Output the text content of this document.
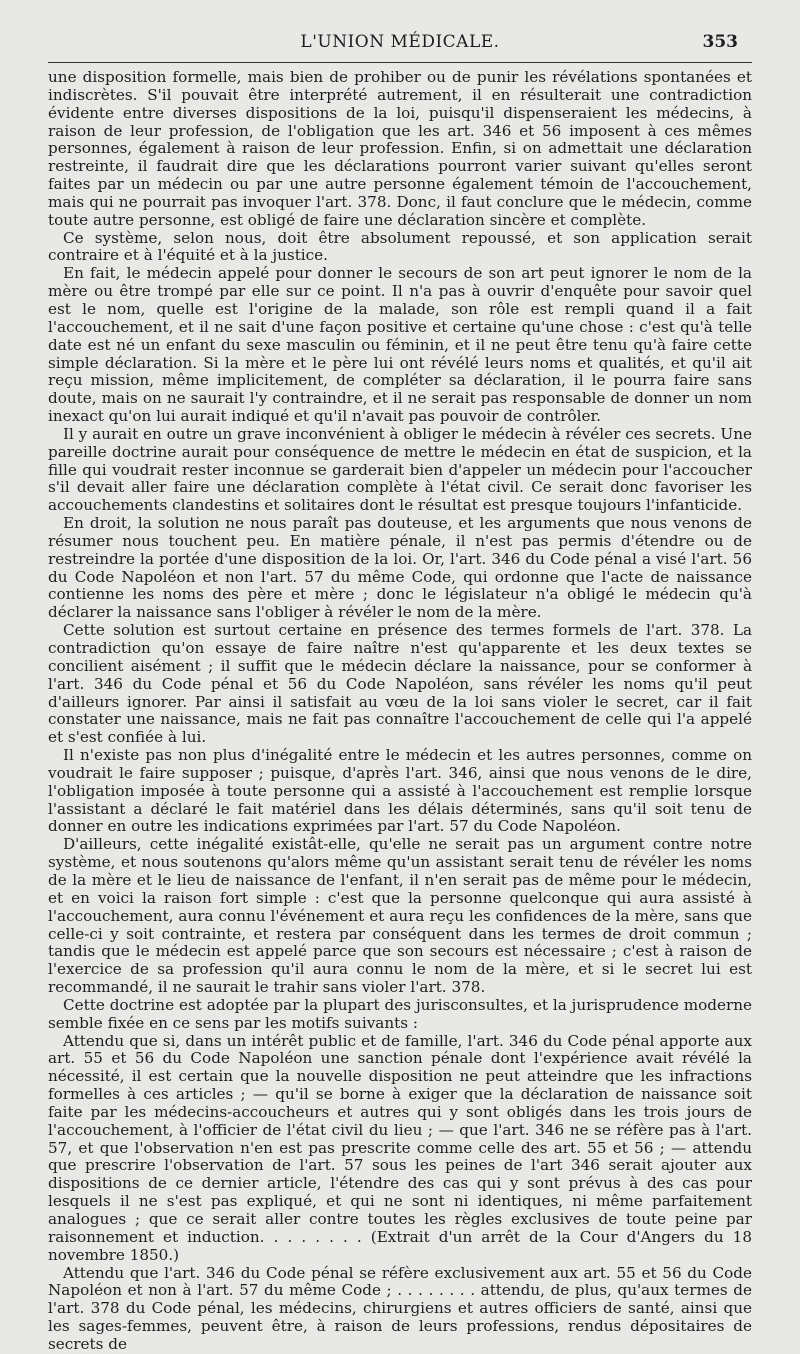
L'UNION MÉDICALE.	353

une disposition formelle, mais bien de prohiber ou de punir les révélations spontanées et indiscrètes. S'il pouvait être interprété autrement, il en résulterait une contradiction évidente entre diverses dispositions de la loi, puisqu'il dispenseraient les médecins, à raison de leur profession, de l'obligation que les art. 346 et 56 imposent à ces mêmes personnes, également à raison de leur profession. Enfin, si on admettait une déclaration restreinte, il faudrait dire que les déclarations pourront varier suivant qu'elles seront faites par un médecin ou par une autre personne également témoin de l'accouchement, mais qui ne pourrait pas invoquer l'art. 378. Donc, il faut conclure que le médecin, comme toute autre personne, est obligé de faire une déclaration sincère et complète.

Ce système, selon nous, doit être absolument repoussé, et son application serait contraire et à l'équité et à la justice.

En fait, le médecin appelé pour donner le secours de son art peut ignorer le nom de la mère ou être trompé par elle sur ce point. Il n'a pas à ouvrir d'enquête pour savoir quel est le nom, quelle est l'origine de la malade, son rôle est rempli quand il a fait l'accouchement, et il ne sait d'une façon positive et certaine qu'une chose : c'est qu'à telle date est né un enfant du sexe masculin ou féminin, et il ne peut être tenu qu'à faire cette simple déclaration. Si la mère et le père lui ont révélé leurs noms et qualités, et qu'il ait reçu mission, même implicitement, de compléter sa déclaration, il le pourra faire sans doute, mais on ne saurait l'y contraindre, et il ne serait pas responsable de donner un nom inexact qu'on lui aurait indiqué et qu'il n'avait pas pouvoir de contrôler.

Il y aurait en outre un grave inconvénient à obliger le médecin à révéler ces secrets. Une pareille doctrine aurait pour conséquence de mettre le médecin en état de suspicion, et la fille qui voudrait rester inconnue se garderait bien d'appeler un médecin pour l'accoucher s'il devait aller faire une déclaration complète à l'état civil. Ce serait donc favoriser les accouchements clandestins et solitaires dont le résultat est presque toujours l'infanticide.

En droit, la solution ne nous paraît pas douteuse, et les arguments que nous venons de résumer nous touchent peu. En matière pénale, il n'est pas permis d'étendre ou de restreindre la portée d'une disposition de la loi. Or, l'art. 346 du Code pénal a visé l'art. 56 du Code Napoléon et non l'art. 57 du même Code, qui ordonne que l'acte de naissance contienne les noms des père et mère ; donc le législateur n'a obligé le médecin qu'à déclarer la naissance sans l'obliger à révéler le nom de la mère.

Cette solution est surtout certaine en présence des termes formels de l'art. 378. La contradiction qu'on essaye de faire naître n'est qu'apparente et les deux textes se concilient aisément ; il suffit que le médecin déclare la naissance, pour se conformer à l'art. 346 du Code pénal et 56 du Code Napoléon, sans révéler les noms qu'il peut d'ailleurs ignorer. Par ainsi il satisfait au vœu de la loi sans violer le secret, car il fait constater une naissance, mais ne fait pas connaître l'accouchement de celle qui l'a appelé et s'est confiée à lui.

Il n'existe pas non plus d'inégalité entre le médecin et les autres personnes, comme on voudrait le faire supposer ; puisque, d'après l'art. 346, ainsi que nous venons de le dire, l'obligation imposée à toute personne qui a assisté à l'accouchement est remplie lorsque l'assistant a déclaré le fait matériel dans les délais déterminés, sans qu'il soit tenu de donner en outre les indications exprimées par l'art. 57 du Code Napoléon.

D'ailleurs, cette inégalité existât-elle, qu'elle ne serait pas un argument contre notre système, et nous soutenons qu'alors même qu'un assistant serait tenu de révéler les noms de la mère et le lieu de naissance de l'enfant, il n'en serait pas de même pour le médecin, et en voici la raison fort simple : c'est que la personne quelconque qui aura assisté à l'accouchement, aura connu l'événement et aura reçu les confidences de la mère, sans que celle-ci y soit contrainte, et restera par conséquent dans les termes de droit commun ; tandis que le médecin est appelé parce que son secours est nécessaire ; c'est à raison de l'exercice de sa profession qu'il aura connu le nom de la mère, et si le secret lui est recommandé, il ne saurait le trahir sans violer l'art. 378.

Cette doctrine est adoptée par la plupart des jurisconsultes, et la jurisprudence moderne semble fixée en ce sens par les motifs suivants :

Attendu que si, dans un intérêt public et de famille, l'art. 346 du Code pénal apporte aux art. 55 et 56 du Code Napoléon une sanction pénale dont l'expérience avait révélé la nécessité, il est certain que la nouvelle disposition ne peut atteindre que les infractions formelles à ces articles ; — qu'il se borne à exiger que la déclaration de naissance soit faite par les médecins-accoucheurs et autres qui y sont obligés dans les trois jours de l'accouchement, à l'officier de l'état civil du lieu ; — que l'art. 346 ne se réfère pas à l'art. 57, et que l'observation n'en est pas prescrite comme celle des art. 55 et 56 ; — attendu que prescrire l'observation de l'art. 57 sous les peines de l'art 346 serait ajouter aux dispositions de ce dernier article, l'étendre des cas qui y sont prévus à des cas pour lesquels il ne s'est pas expliqué, et qui ne sont ni identiques, ni même parfaitement analogues ; que ce serait aller contre toutes les règles exclusives de toute peine par raisonnement et induction. . . . . . . . (Extrait d'un arrêt de la Cour d'Angers du 18 novembre 1850.)

Attendu que l'art. 346 du Code pénal se réfère exclusivement aux art. 55 et 56 du Code Napoléon et non à l'art. 57 du même Code ; . . . . . . . . attendu, de plus, qu'aux termes de l'art. 378 du Code pénal, les médecins, chirurgiens et autres officiers de santé, ainsi que les sages-femmes, peuvent être, à raison de leurs professions, rendus dépositaires de secrets de
